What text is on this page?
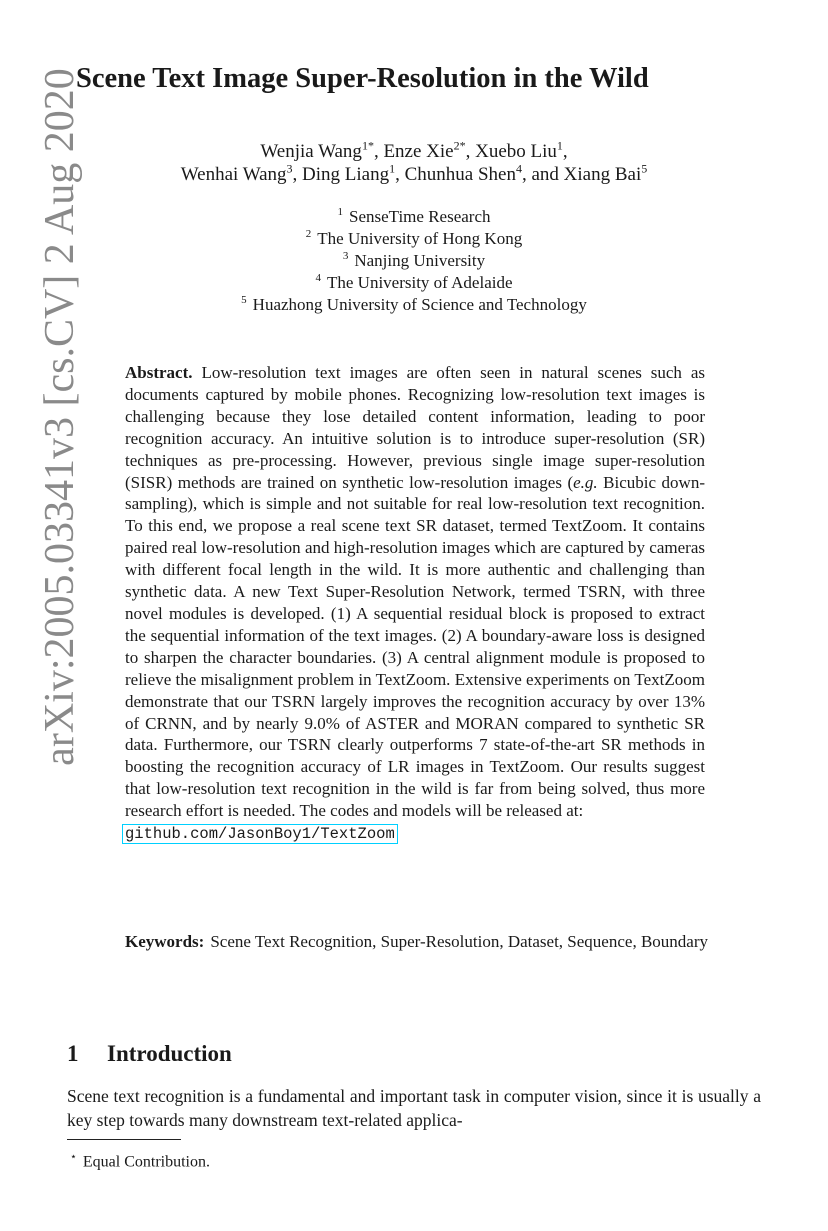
arXiv:2005.03341v3 [cs.CV] 2 Aug 2020
Scene Text Image Super-Resolution in the Wild
Wenjia Wang$^{1*}$, Enze Xie$^{2*}$, Xuebo Liu$^1$,
Wenhai Wang$^3$, Ding Liang$^1$, Chunhua Shen$^4$, and Xiang Bai$^5$
$^1$ SenseTime Research
$^2$ The University of Hong Kong
$^3$ Nanjing University
$^4$ The University of Adelaide
$^5$ Huazhong University of Science and Technology
Abstract. Low-resolution text images are often seen in natural scenes such as documents captured by mobile phones. Recognizing low-resolution text images is challenging because they lose detailed content information, leading to poor recognition accuracy. An intuitive solution is to introduce super-resolution (SR) techniques as pre-processing. However, previous single image super-resolution (SISR) methods are trained on synthetic low-resolution images (e.g. Bicubic down-sampling), which is simple and not suitable for real low-resolution text recognition. To this end, we propose a real scene text SR dataset, termed TextZoom. It contains paired real low-resolution and high-resolution images which are captured by cameras with different focal length in the wild. It is more authentic and challenging than synthetic data. A new Text Super-Resolution Network, termed TSRN, with three novel modules is developed. (1) A sequential residual block is proposed to extract the sequential information of the text images. (2) A boundary-aware loss is designed to sharpen the character boundaries. (3) A central alignment module is proposed to relieve the misalignment problem in TextZoom. Extensive experiments on TextZoom demonstrate that our TSRN largely improves the recognition accuracy by over 13% of CRNN, and by nearly 9.0% of ASTER and MORAN compared to synthetic SR data. Furthermore, our TSRN clearly outperforms 7 state-of-the-art SR methods in boosting the recognition accuracy of LR images in TextZoom. Our results suggest that low-resolution text recognition in the wild is far from being solved, thus more research effort is needed. The codes and models will be released at:
github.com/JasonBoy1/TextZoom
Keywords: Scene Text Recognition, Super-Resolution, Dataset, Sequence, Boundary
1 Introduction
Scene text recognition is a fundamental and important task in computer vision, since it is usually a key step towards many downstream text-related applica-
⋆ Equal Contribution.
